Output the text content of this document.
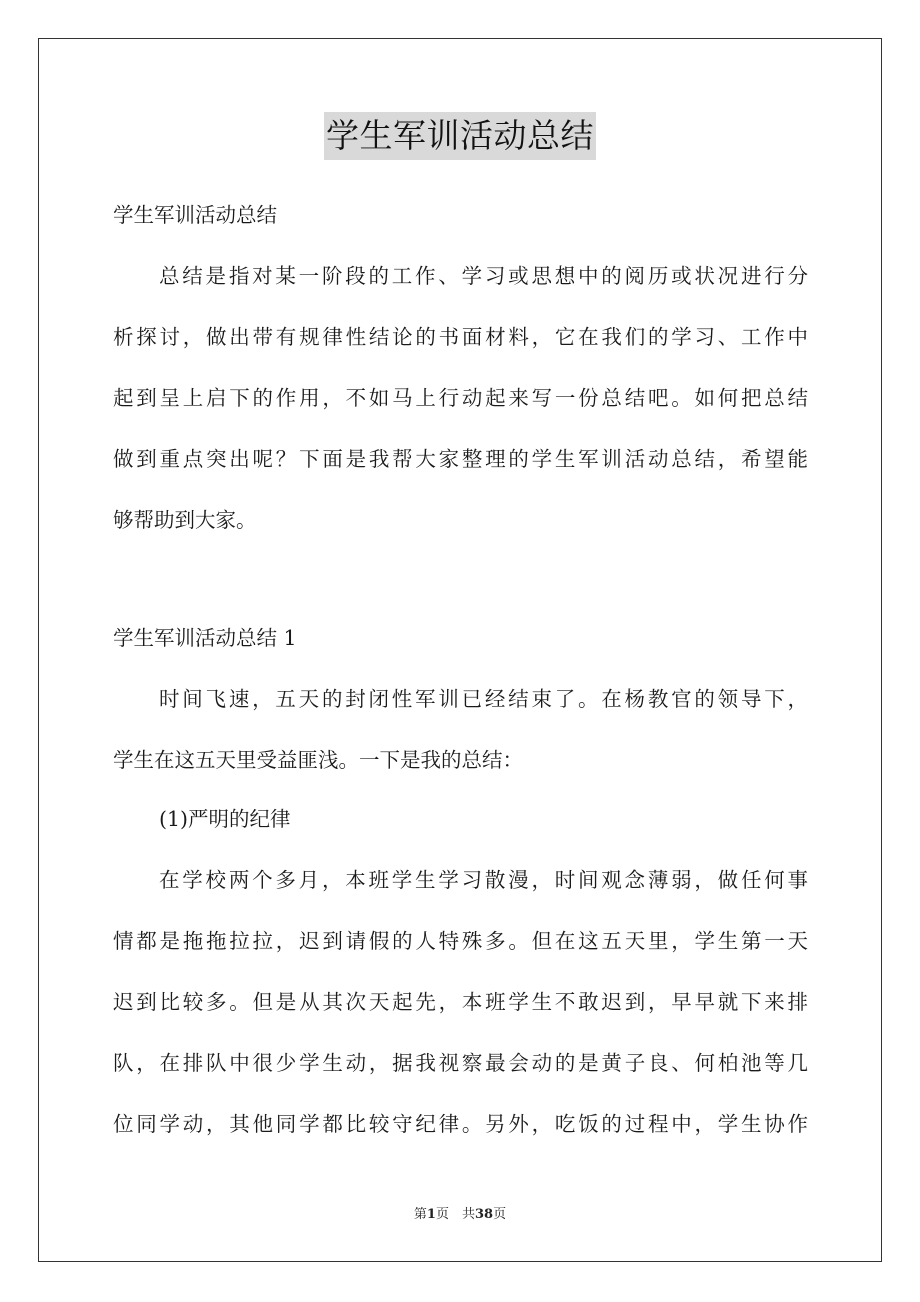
学生军训活动总结
学生军训活动总结
总结是指对某一阶段的工作、学习或思想中的阅历或状况进行分
析探讨，做出带有规律性结论的书面材料，它在我们的学习、工作中
起到呈上启下的作用，不如马上行动起来写一份总结吧。如何把总结
做到重点突出呢？下面是我帮大家整理的学生军训活动总结，希望能
够帮助到大家。
学生军训活动总结 1
时间飞速，五天的封闭性军训已经结束了。在杨教官的领导下，
学生在这五天里受益匪浅。一下是我的总结：
(1)严明的纪律
在学校两个多月，本班学生学习散漫，时间观念薄弱，做任何事
情都是拖拖拉拉，迟到请假的人特殊多。但在这五天里，学生第一天
迟到比较多。但是从其次天起先，本班学生不敢迟到，早早就下来排
队，在排队中很少学生动，据我视察最会动的是黄子良、何柏池等几
位同学动，其他同学都比较守纪律。另外，吃饭的过程中，学生协作
第1页　共38页
